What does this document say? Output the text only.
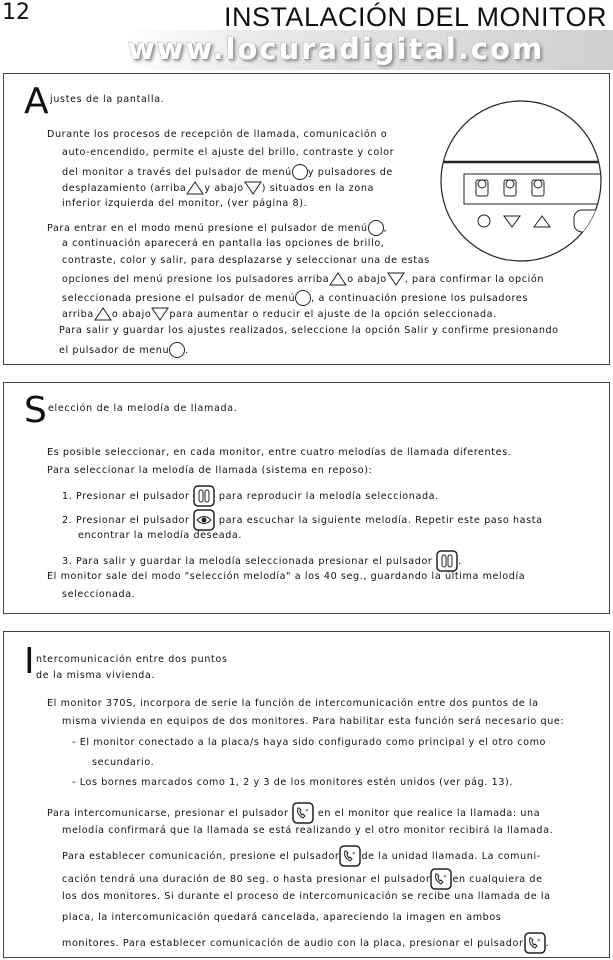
12
www.locuradigital.com
INSTALACIÓN DEL MONITOR
A justes de la pantalla.
Durante los procesos de recepción de llamada, comunicación o
auto-encendido, permite el ajuste del brillo, contraste y color
del monitor a través del pulsador de menú y pulsadores de
desplazamiento (arriba y abajo ) situados en la zona
inferior izquierda del monitor, (ver página 8).
Para entrar en el modo menú presione el pulsador de menú ,
a continuación aparecerá en pantalla las opciones de brillo,
contraste, color y salir, para desplazarse y seleccionar una de estas
opciones del menú presione los pulsadores arriba o abajo , para confirmar la opción
seleccionada presione el pulsador de menú , a continuación presione los pulsadores
arriba o abajo para aumentar o reducir el ajuste de la opción seleccionada.
Para salir y guardar los ajustes realizados, seleccione la opción Salir y confirme presionando
el pulsador de menu .
S elección de la melodía de llamada.
Es posible seleccionar, en cada monitor, entre cuatro melodías de llamada diferentes.
Para seleccionar la melodía de llamada (sistema en reposo):
1. Presionar el pulsador	para reproducir la melodía seleccionada.
2. Presionar el pulsador	para escuchar la siguiente melodía. Repetir este paso hasta
encontrar la melodía deseada.
3. Para salir y guardar la melodía seleccionada presionar el pulsador	.
El monitor sale del modo "selección melodía" a los 40 seg., guardando la última melodía
seleccionada.
I ntercomunicación entre dos puntos
de la misma vivienda.
El monitor 370S, incorpora de serie la función de intercomunicación entre dos puntos de la
misma vivienda en equipos de dos monitores. Para habilitar esta función será necesario que:
- El monitor conectado a la placa/s haya sido configurado como principal y el otro como
secundario.
- Los bornes marcados como 1, 2 y 3 de los monitores estén unidos (ver pág. 13).
Para intercomunicarse, presionar el pulsador	» en el monitor que realice la llamada: una
melodía confirmará que la llamada se está realizando y el otro monitor recibirá la llamada.
Para establecer comunicación, presione el pulsador » de la unidad llamada. La comuni-
cación tendrá una duración de 80 seg. o hasta presionar el pulsador » en cualquiera de
los dos monitores. Si durante el proceso de intercomunicación se recibe una llamada de la
placa, la intercomunicación quedará cancelada, apareciendo la imagen en ambos
monitores. Para establecer comunicación de audio con la placa, presionar el pulsador » .
